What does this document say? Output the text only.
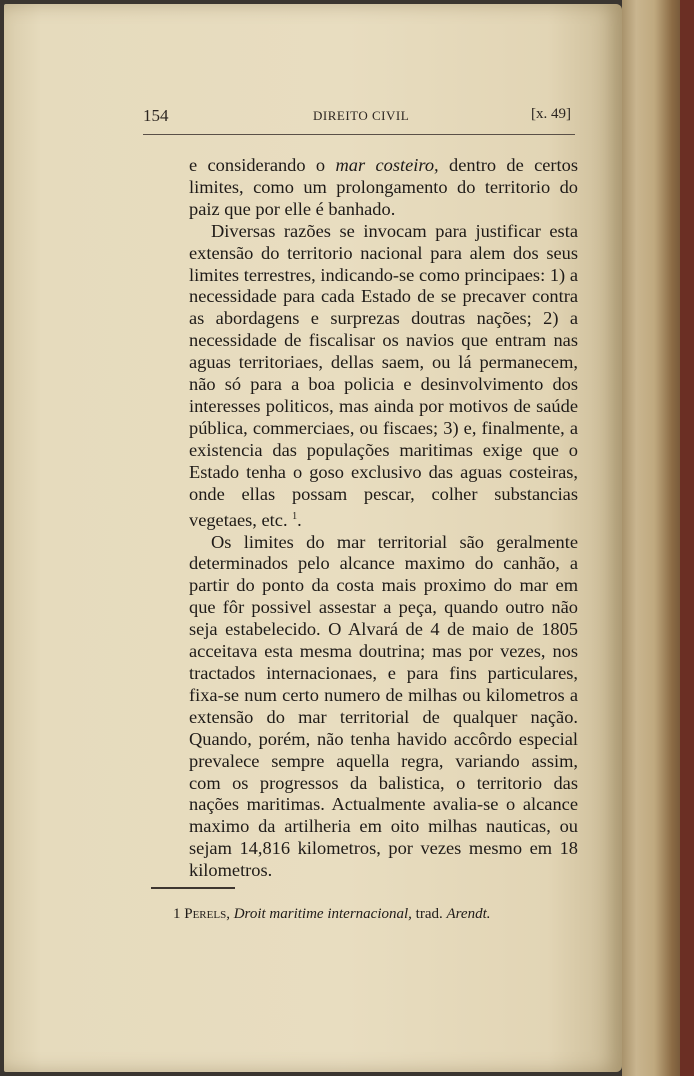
154	DIREITO CIVIL	[x. 49]

e considerando o mar costeiro, dentro de certos limites, como um prolongamento do territorio do paiz que por elle é banhado.

Diversas razões se invocam para justificar esta extensão do territorio nacional para alem dos seus limites terrestres, indicando-se como principaes: 1) a necessidade para cada Estado de se precaver contra as abordagens e surprezas doutras nações; 2) a necessidade de fiscalisar os navios que entram nas aguas territoriaes, dellas saem, ou lá permanecem, não só para a boa policia e desinvolvimento dos interesses politicos, mas ainda por motivos de saúde pública, commerciaes, ou fiscaes; 3) e, finalmente, a existencia das populações maritimas exige que o Estado tenha o goso exclusivo das aguas costeiras, onde ellas possam pescar, colher substancias vegetaes, etc. $^1$.

Os limites do mar territorial são geralmente determinados pelo alcance maximo do canhão, a partir do ponto da costa mais proximo do mar em que fôr possivel assestar a peça, quando outro não seja estabelecido. O Alvará de 4 de maio de 1805 acceitava esta mesma doutrina; mas por vezes, nos tractados internacionaes, e para fins particulares, fixa-se num certo numero de milhas ou kilometros a extensão do mar territorial de qualquer nação. Quando, porém, não tenha havido accôrdo especial prevalece sempre aquella regra, variando assim, com os progressos da balistica, o territorio das nações maritimas. Actualmente avalia-se o alcance maximo da artilheria em oito milhas nauticas, ou sejam 14,816 kilometros, por vezes mesmo em 18 kilometros.

1 Perels, Droit maritime internacional, trad. Arendt.
